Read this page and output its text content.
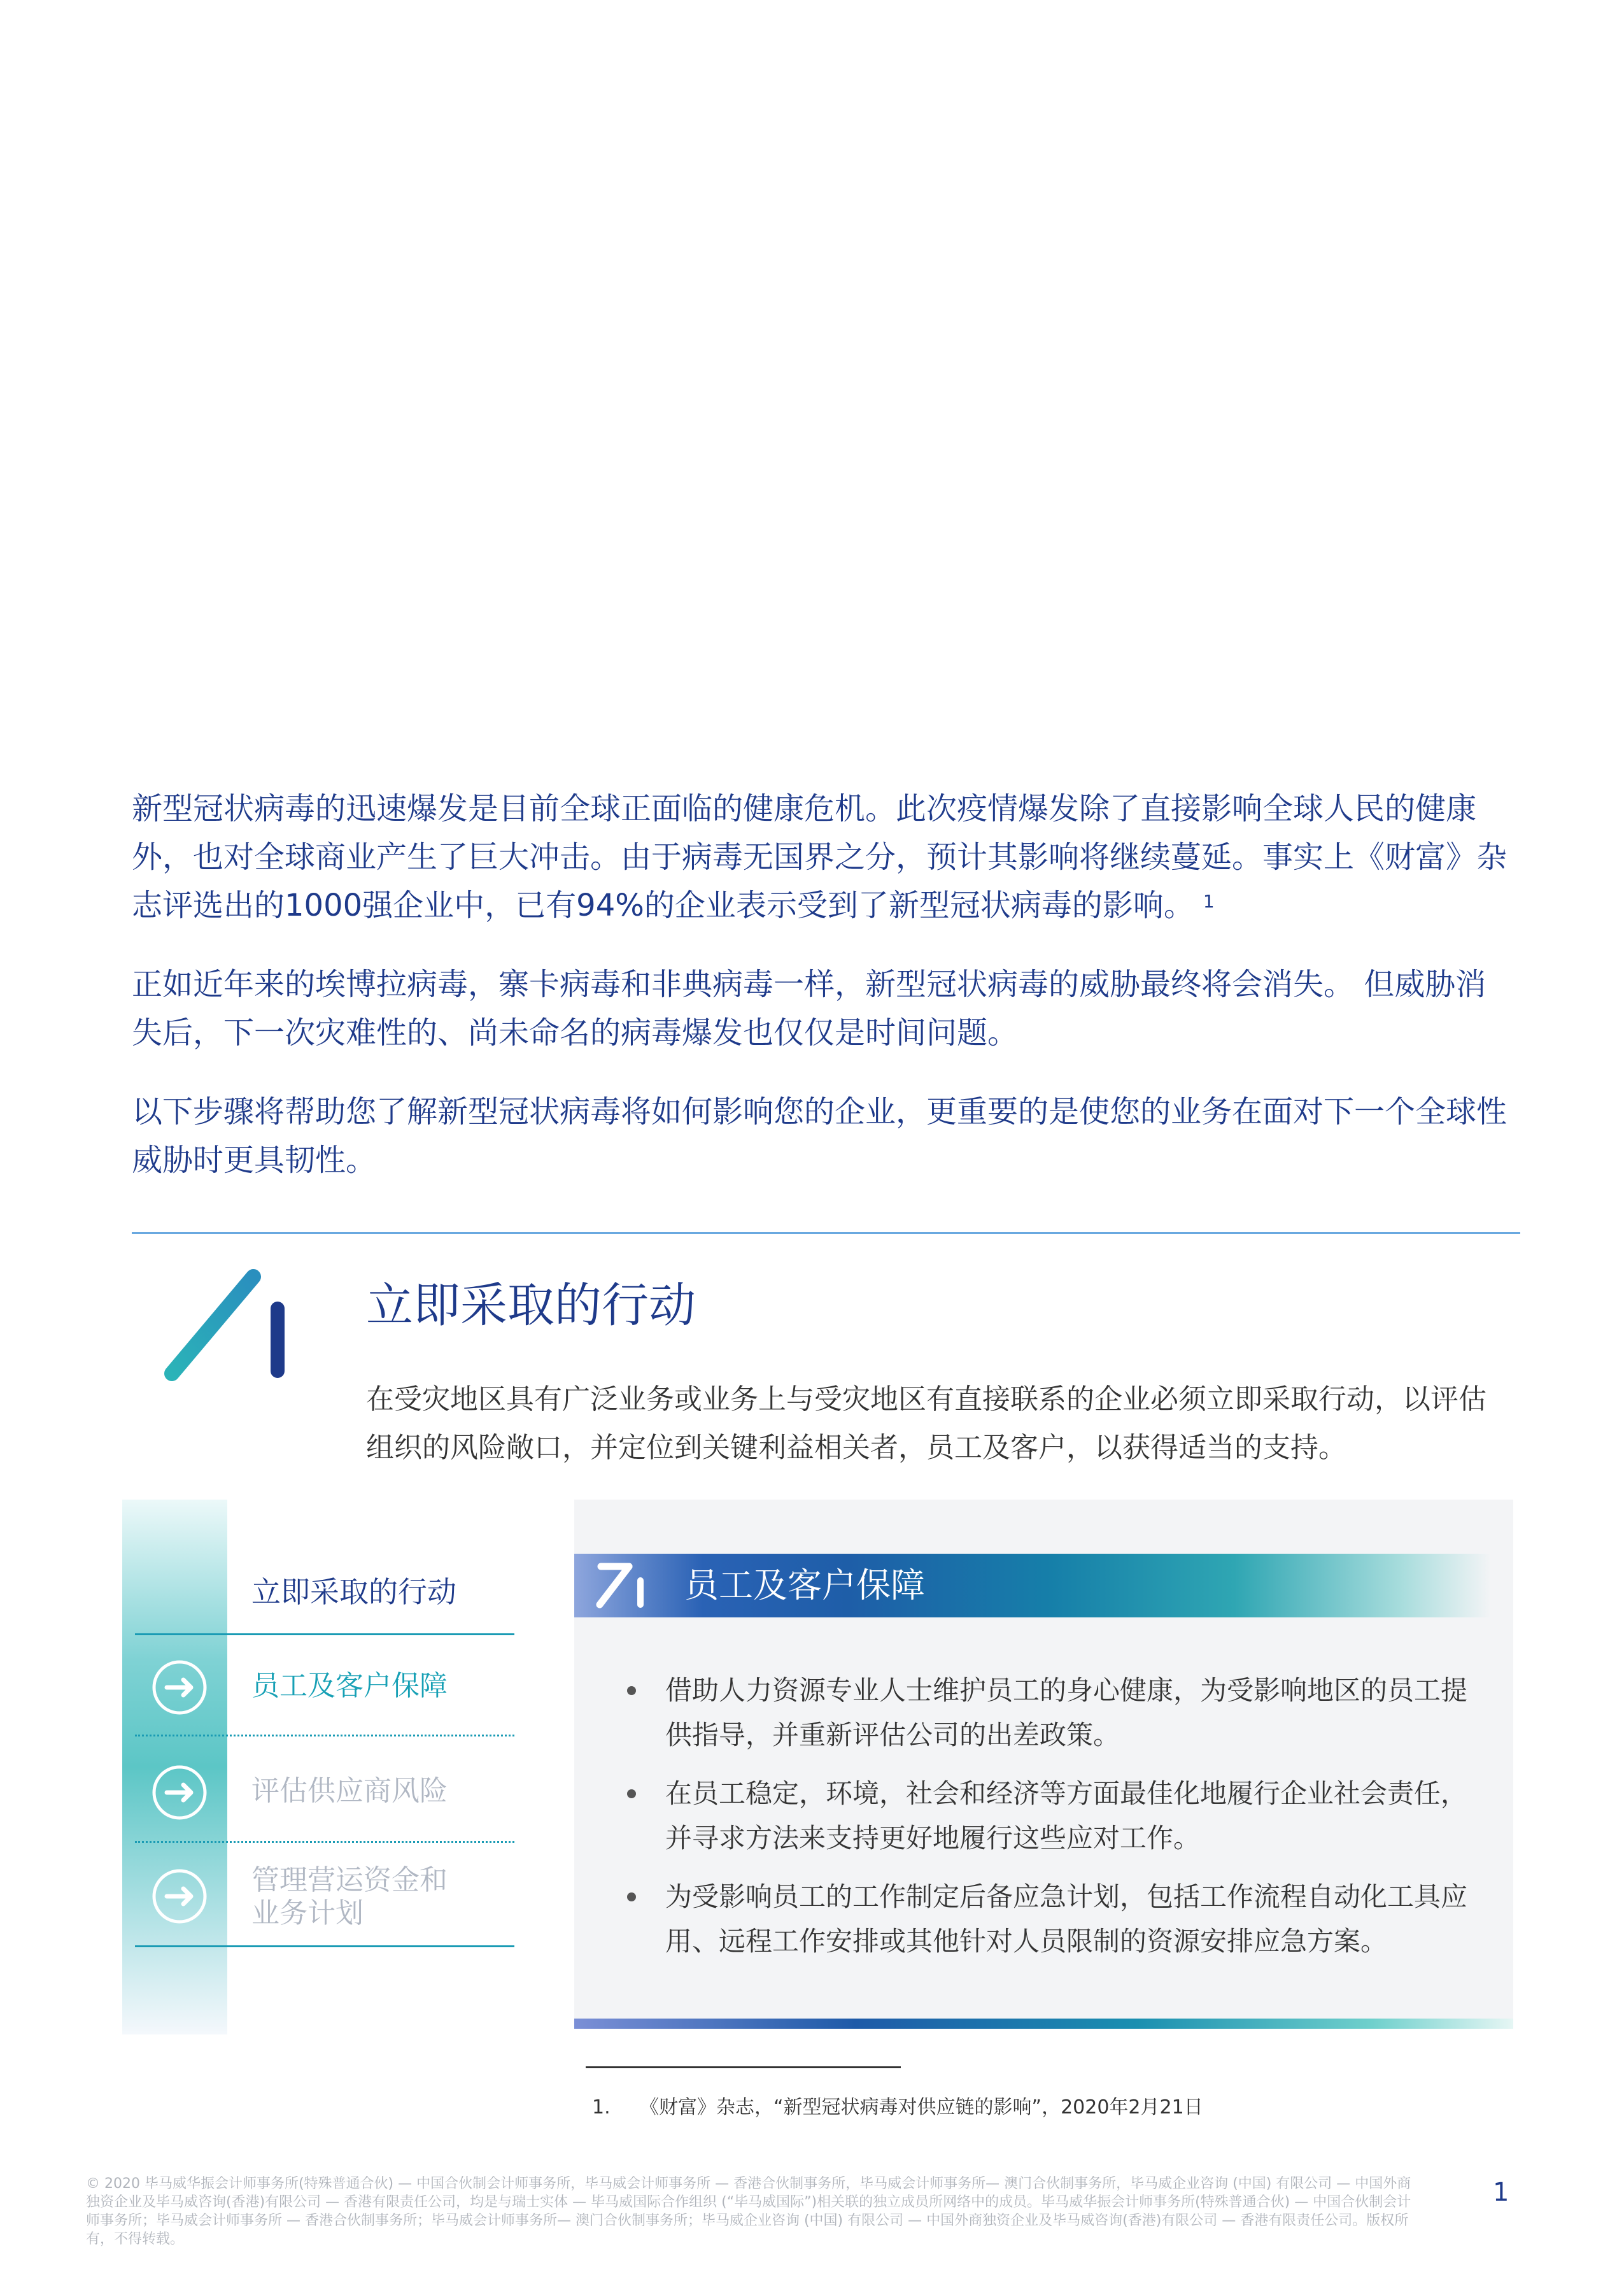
新型冠状病毒的迅速爆发是目前全球正面临的健康危机。此次疫情爆发除了直接影响全球人民的健康外，也对全球商业产生了巨大冲击。由于病毒无国界之分，预计其影响将继续蔓延。事实上《财富》杂志评选出的1000强企业中，已有94%的企业表示受到了新型冠状病毒的影响。 $^1$

正如近年来的埃博拉病毒，寨卡病毒和非典病毒一样，新型冠状病毒的威胁最终将会消失。 但威胁消失后，下一次灾难性的、尚未命名的病毒爆发也仅仅是时间问题。

以下步骤将帮助您了解新型冠状病毒将如何影响您的企业，更重要的是使您的业务在面对下一个全球性威胁时更具韧性。

立即采取的行动

在受灾地区具有广泛业务或业务上与受灾地区有直接联系的企业必须立即采取行动，以评估组织的风险敞口，并定位到关键利益相关者，员工及客户，以获得适当的支持。

立即采取的行动
员工及客户保障
评估供应商风险
管理营运资金和
业务计划
员工及客户保障
借助人力资源专业人士维护员工的身心健康，为受影响地区的员工提供指导，并重新评估公司的出差政策。
在员工稳定，环境，社会和经济等方面最佳化地履行企业社会责任，并寻求方法来支持更好地履行这些应对工作。
为受影响员工的工作制定后备应急计划，包括工作流程自动化工具应用、远程工作安排或其他针对人员限制的资源安排应急方案。
1. 《财富》杂志，“新型冠状病毒对供应链的影响”，2020年2月21日

© 2020 毕马威华振会计师事务所(特殊普通合伙) — 中国合伙制会计师事务所，毕马威会计师事务所 — 香港合伙制事务所，毕马威会计师事务所— 澳门合伙制事务所，毕马威企业咨询 (中国) 有限公司 — 中国外商独资企业及毕马威咨询(香港)有限公司 — 香港有限责任公司，均是与瑞士实体 — 毕马威国际合作组织 (“毕马威国际”)相关联的独立成员所网络中的成员。毕马威华振会计师事务所(特殊普通合伙) — 中国合伙制会计师事务所；毕马威会计师事务所 — 香港合伙制事务所；毕马威会计师事务所— 澳门合伙制事务所；毕马威企业咨询 (中国) 有限公司 — 中国外商独资企业及毕马威咨询(香港)有限公司 — 香港有限责任公司。版权所有，不得转载。

1
